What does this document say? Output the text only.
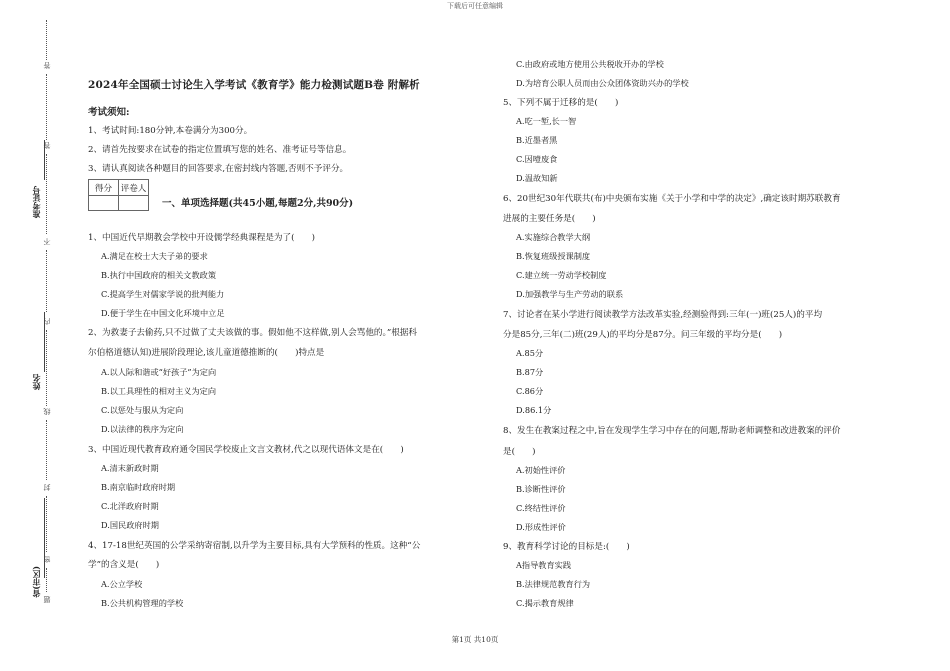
下载后可任意编辑
第1页 共10页
准考证号
姓名
省(市区)
答
答
不
内
线
封
密
题
2024年全国硕士讨论生入学考试《教育学》能力检测试题B卷 附解析
考试须知:
1、考试时间:180分钟,本卷满分为300分。
2、请首先按要求在试卷的指定位置填写您的姓名、准考证号等信息。
3、请认真阅读各种题目的回答要求,在密封线内答题,否则不予评分。
得分	评卷人

一、单项选择题(共45小题,每题2分,共90分)
1、中国近代早期教会学校中开设儒学经典课程是为了(　　)
A.满足在校士大夫子弟的要求
B.执行中国政府的相关文教政策
C.提高学生对儒家学说的批判能力
D.便于学生在中国文化环境中立足
2、为救妻子去偷药,只不过做了丈夫该做的事。假如他不这样做,别人会骂他的。”根据科
尔伯格道德认知)进展阶段理论,该儿童道德推断的(　　)特点是
A.以人际和谐或“好孩子”为定向
B.以工具理性的相对主义为定向
C.以惩处与服从为定向
D.以法律的秩序为定向
3、中国近现代教育政府通令国民学校废止文言文教材,代之以现代语体文是在(　　)
A.清末新政时期
B.南京临时政府时期
C.北洋政府时期
D.国民政府时期
4、17-18世纪英国的公学采纳寄宿制,以升学为主要目标,具有大学预科的性质。这种“公
学”的含义是(　　)
A.公立学校
B.公共机构管理的学校
C.由政府或地方使用公共税收开办的学校
D.为培育公职人员而由公众团体资助兴办的学校
5、下列不属于迁移的是(　　)
A.吃一堑,长一智
B.近墨者黑
C.因噎废食
D.温故知新
6、20世纪30年代联共(布)中央颁布实施《关于小学和中学的决定》,确定该时期苏联教育
进展的主要任务是(　　)
A.实施综合教学大纲
B.恢复班级授课制度
C.建立统一劳动学校制度
D.加强教学与生产劳动的联系
7、讨论者在某小学进行阅读教学方法改革实验,经测验得到:三年(一)班(25人)的平均
分是85分,三年(二)班(29人)的平均分是87分。问三年级的平均分是(　　)
A.85分
B.87分
C.86分
D.86.1分
8、发生在教案过程之中,旨在发现学生学习中存在的问题,帮助老师调整和改进教案的评价
是(　　)
A.初始性评价
B.诊断性评价
C.终结性评价
D.形成性评价
9、教育科学讨论的目标是:(　　)
A指导教育实践
B.法律规范教育行为
C.揭示教育规律
